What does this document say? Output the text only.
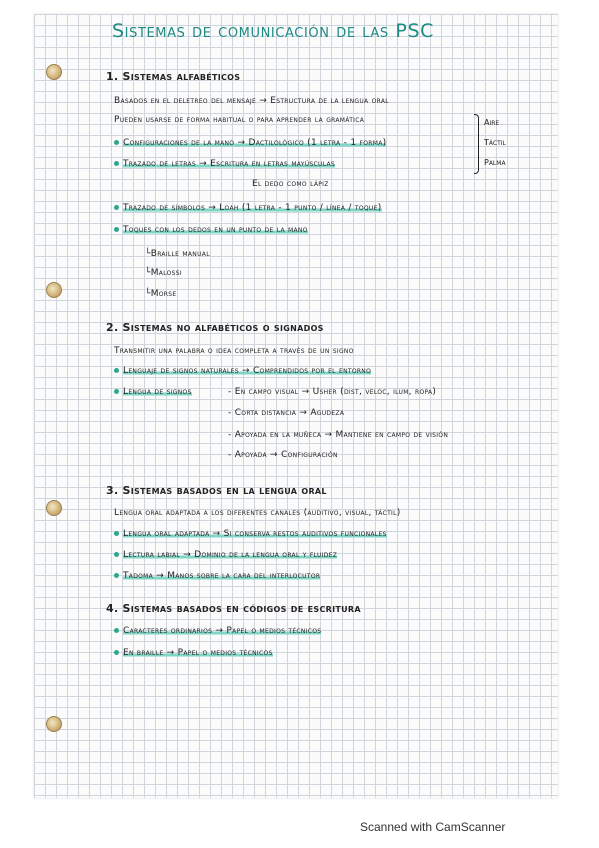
Sistemas de comunicación de las PSC
1. Sistemas alfabéticos
Basados en el deletreo del mensaje → Estructura de la lengua oral
Pueden usarse de forma habitual o para aprender la gramática
Configuraciones de la mano → Dactilológico (1 letra - 1 forma)
Trazado de letras → Escritura en letras mayúsculas
El dedo como lápiz
Trazado de símbolos → Loah (1 letra - 1 punto / línea / toque)
Toques con los dedos en un punto de la mano
└Braille manual
└Malossi
└Morse
Aire
Táctil
Palma
2. Sistemas no alfabéticos o signados
Transmitir una palabra o idea completa a través de un signo
Lenguaje de signos naturales → Comprendidos por el entorno
Lengua de signos	- En campo visual → Usher (dist, veloc, ilum, ropa)
- Corta distancia → Agudeza
- Apoyada en la muñeca → Mantiene en campo de visión
- Apoyada → Configuración
3. Sistemas basados en la lengua oral
Lengua oral adaptada a los diferentes canales (auditivo, visual, táctil)
Lengua oral adaptada → Si conserva restos auditivos funcionales
Lectura labial → Dominio de la lengua oral y fluidez
Tadoma → Manos sobre la cara del interlocutor
4. Sistemas basados en códigos de escritura
Caracteres ordinarios → Papel o medios técnicos
En braille → Papel o medios técnicos
Scanned with CamScanner
